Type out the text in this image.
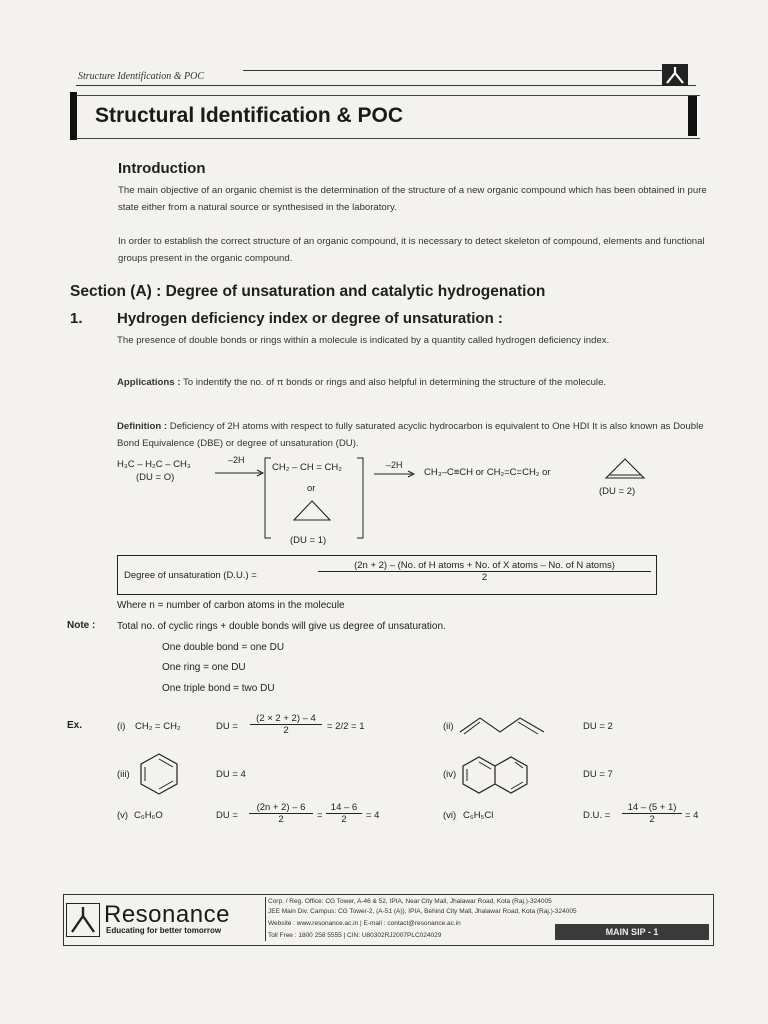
Structure Identification & POC
Structural Identification & POC
Introduction
The main objective of an organic chemist is the determination of the structure of a new organic compound which has been obtained in pure state either from a natural source or synthesised in the laboratory.
In order to establish the correct structure of an organic compound, it is necessary to detect skeleton of compound, elements and functional groups present in the organic compound.
Section (A) : Degree of unsaturation and catalytic hydrogenation
1. Hydrogen deficiency index or degree of unsaturation :
The presence of double bonds or rings within a molecule is indicated by a quantity called hydrogen deficiency index.
Applications : To indentify the no. of π bonds or rings and also helpful in determining the structure of the molecule.
Definition : Deficiency of 2H atoms with respect to fully saturated acyclic hydrocarbon is equivalent to One HDI It is also known as Double Bond Equivalence (DBE) or degree of unsaturation (DU).
H₃C – H₂C – CH₃
(DU = O)
–2H
CH₂ – CH = CH₂
or
(DU = 1)
–2H
CH₃–C≡CH or CH₂=C=CH₂ or
(DU = 2)
Degree of unsaturation (D.U.) =
(2n + 2) – (No. of H atoms + No. of X atoms – No. of N atoms)
2
Where n = number of carbon atoms in the molecule
Note : Total no. of cyclic rings + double bonds will give us degree of unsaturation.
One double bond = one DU
One ring = one DU
One triple bond = two DU
Ex.	(i) CH₂ = CH₂	DU = $\frac{(2 \times 2 + 2) - 4}{2} = 2/2 = 1$	(ii)	DU = 2
(iii)	DU = 4	(iv)	DU = 7
(v) C₆H₆O	DU = $\frac{(2n + 2) - 6}{2} = \frac{14 - 6}{2} = 4$	(vi) C₆H₅Cl	D.U. = $\frac{14 - (5 + 1)}{2} = 4$
Resonance
Educating for better tomorrow
Corp. / Reg. Office: CG Tower, A-46 & 52, IPIA, Near City Mall, Jhalawar Road, Kota (Raj.)-324005
JEE Main Div. Campus: CG Tower-2, (A-51 (A)), IPIA, Behind City Mall, Jhalawar Road, Kota (Raj.)-324005
Website : www.resonance.ac.in | E-mail : contact@resonance.ac.in
Toll Free : 1800 258 5555 | CIN: U80302RJ2007PLC024029	MAIN SIP - 1
